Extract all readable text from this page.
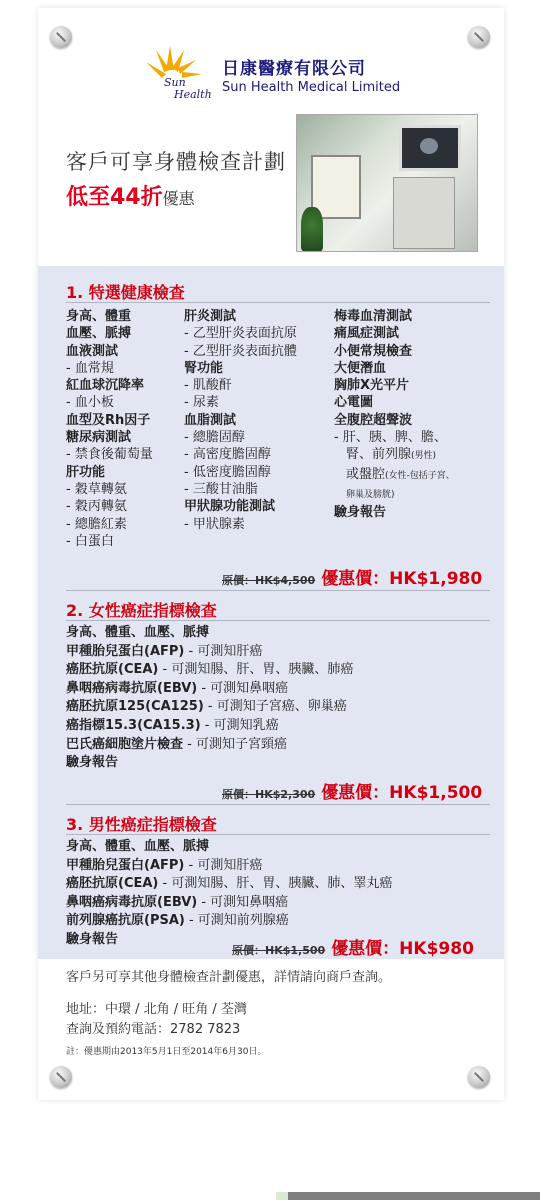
Sun
Health
日康醫療有限公司
Sun Health Medical Limited
客戶可享身體檢查計劃
低至44折優惠
1. 特選健康檢查
身高、體重
血壓、脈搏
血液測試
- 血常規
紅血球沉降率
- 血小板
血型及Rh因子
糖尿病測試
- 禁食後葡萄量
肝功能
- 穀草轉氨
- 穀丙轉氨
- 總膽紅素
- 白蛋白
肝炎測試
- 乙型肝炎表面抗原
- 乙型肝炎表面抗體
腎功能
- 肌酸酐
- 尿素
血脂測試
- 總膽固醇
- 高密度膽固醇
- 低密度膽固醇
- 三酸甘油脂
甲狀腺功能測試
- 甲狀腺素
梅毒血清測試
痛風症測試
小便常規檢查
大便潛血
胸肺X光平片
心電圖
全腹腔超聲波
- 肝、胰、脾、膽、
腎、前列腺(男性)
或盤腔(女性-包括子宮、
卵巢及膀胱)
驗身報告
原價：HK$4,500 優惠價：HK$1,980
2. 女性癌症指標檢查
身高、體重、血壓、脈搏
甲種胎兒蛋白(AFP) - 可測知肝癌
癌胚抗原(CEA) - 可測知腸、肝、胃、胰臟、肺癌
鼻咽癌病毒抗原(EBV) - 可測知鼻咽癌
癌胚抗原125(CA125) - 可測知子宮癌、卵巢癌
癌指標15.3(CA15.3) - 可測知乳癌
巴氏癌細胞塗片檢查 - 可測知子宮頸癌
驗身報告
原價：HK$2,300 優惠價：HK$1,500
3. 男性癌症指標檢查
身高、體重、血壓、脈搏
甲種胎兒蛋白(AFP) - 可測知肝癌
癌胚抗原(CEA) - 可測知腸、肝、胃、胰臟、肺、睪丸癌
鼻咽癌病毒抗原(EBV) - 可測知鼻咽癌
前列腺癌抗原(PSA) - 可測知前列腺癌
驗身報告
原價：HK$1,500 優惠價：HK$980
客戶另可享其他身體檢查計劃優惠，詳情請向商戶查詢。
地址：中環 / 北角 / 旺角 / 荃灣
查詢及預約電話：2782 7823
註：優惠期由2013年5月1日至2014年6月30日。
